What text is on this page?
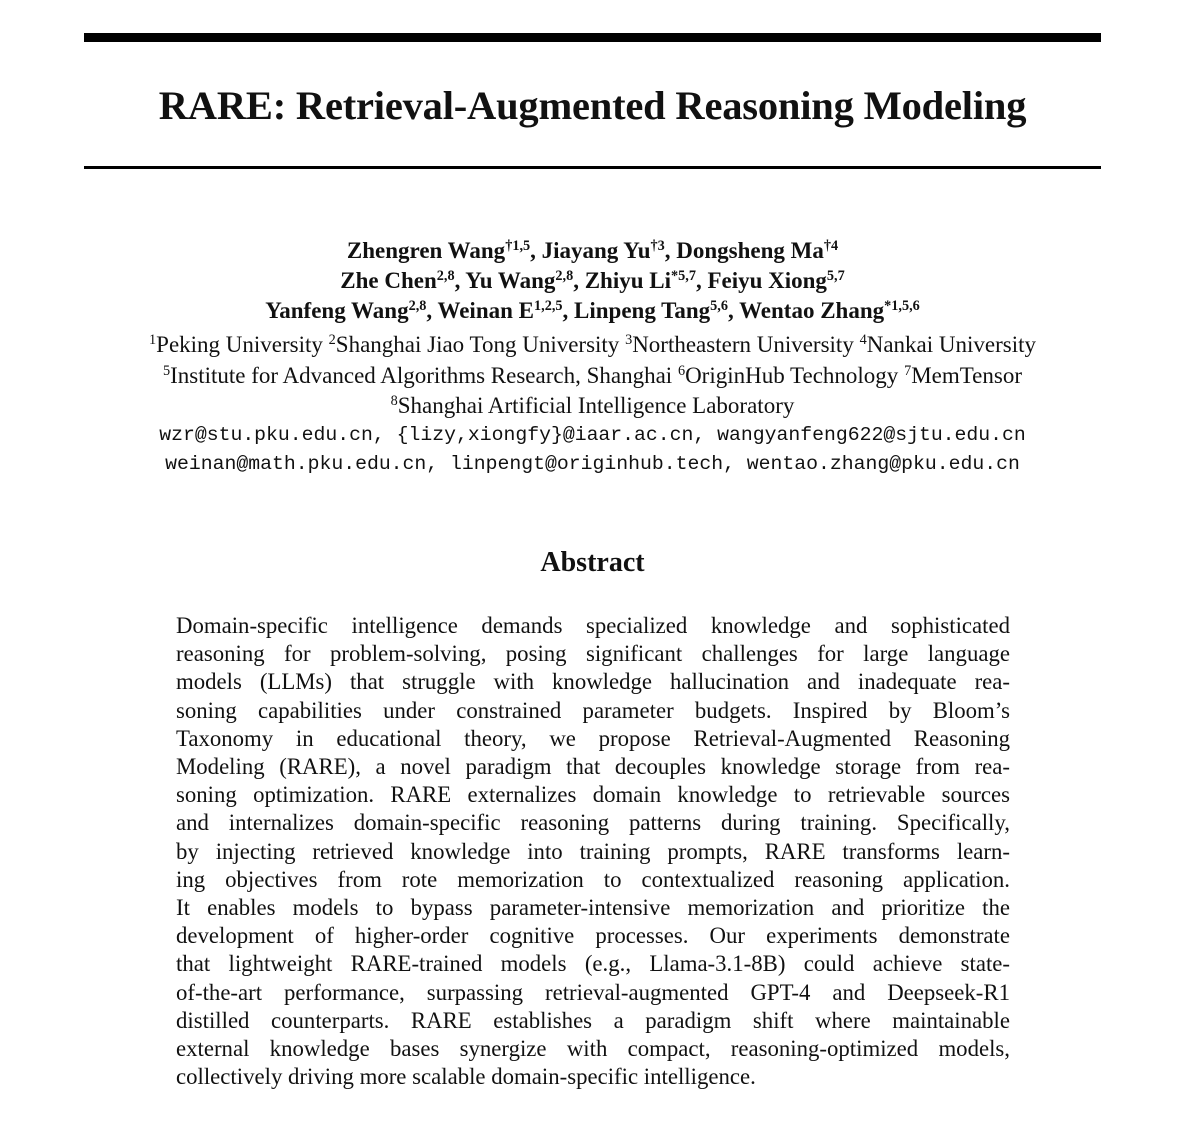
RARE: Retrieval-Augmented Reasoning Modeling
Zhengren Wang$^{\dagger 1,5}$, Jiayang Yu$^{\dagger 3}$, Dongsheng Ma$^{\dagger 4}$
Zhe Chen$^{2,8}$, Yu Wang$^{2,8}$, Zhiyu Li$^{*5,7}$, Feiyu Xiong$^{5,7}$
Yanfeng Wang$^{2,8}$, Weinan E$^{1,2,5}$, Linpeng Tang$^{5,6}$, Wentao Zhang$^{*1,5,6}$
$^1$Peking University $^2$Shanghai Jiao Tong University $^3$Northeastern University $^4$Nankai University
$^5$Institute for Advanced Algorithms Research, Shanghai $^6$OriginHub Technology $^7$MemTensor
$^8$Shanghai Artificial Intelligence Laboratory
wzr@stu.pku.edu.cn, {lizy,xiongfy}@iaar.ac.cn, wangyanfeng622@sjtu.edu.cn
weinan@math.pku.edu.cn, linpengt@originhub.tech, wentao.zhang@pku.edu.cn
Abstract
Domain-specific intelligence demands specialized knowledge and sophisticated
reasoning for problem-solving, posing significant challenges for large language
models (LLMs) that struggle with knowledge hallucination and inadequate rea-
soning capabilities under constrained parameter budgets. Inspired by Bloom’s
Taxonomy in educational theory, we propose Retrieval-Augmented Reasoning
Modeling (RARE), a novel paradigm that decouples knowledge storage from rea-
soning optimization. RARE externalizes domain knowledge to retrievable sources
and internalizes domain-specific reasoning patterns during training. Specifically,
by injecting retrieved knowledge into training prompts, RARE transforms learn-
ing objectives from rote memorization to contextualized reasoning application.
It enables models to bypass parameter-intensive memorization and prioritize the
development of higher-order cognitive processes. Our experiments demonstrate
that lightweight RARE-trained models (e.g., Llama-3.1-8B) could achieve state-
of-the-art performance, surpassing retrieval-augmented GPT-4 and Deepseek-R1
distilled counterparts. RARE establishes a paradigm shift where maintainable
external knowledge bases synergize with compact, reasoning-optimized models,
collectively driving more scalable domain-specific intelligence.
